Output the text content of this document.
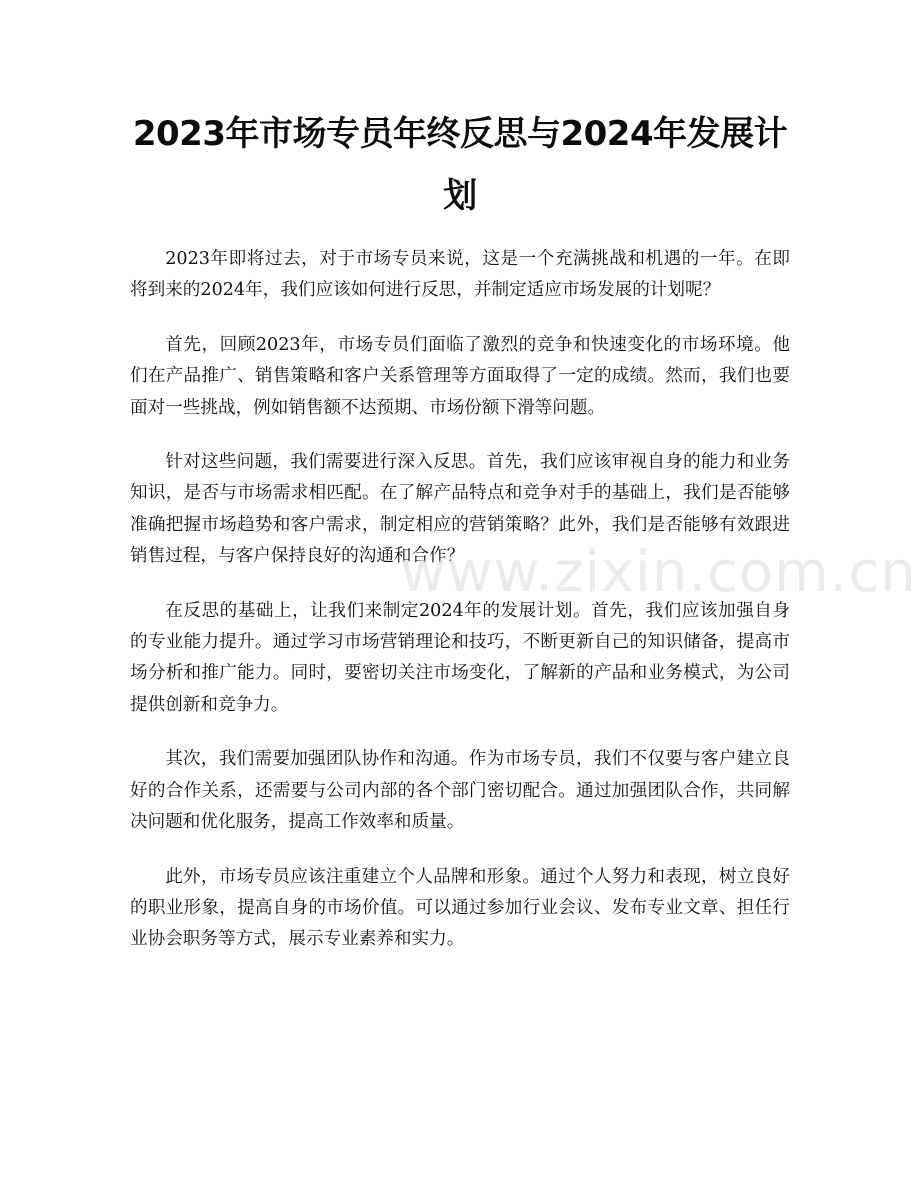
2023年市场专员年终反思与2024年发展计划

2023年即将过去，对于市场专员来说，这是一个充满挑战和机遇的一年。在即将到来的2024年，我们应该如何进行反思，并制定适应市场发展的计划呢？

首先，回顾2023年，市场专员们面临了激烈的竞争和快速变化的市场环境。他们在产品推广、销售策略和客户关系管理等方面取得了一定的成绩。然而，我们也要面对一些挑战，例如销售额不达预期、市场份额下滑等问题。

针对这些问题，我们需要进行深入反思。首先，我们应该审视自身的能力和业务知识，是否与市场需求相匹配。在了解产品特点和竞争对手的基础上，我们是否能够准确把握市场趋势和客户需求，制定相应的营销策略？此外，我们是否能够有效跟进销售过程，与客户保持良好的沟通和合作？

在反思的基础上，让我们来制定2024年的发展计划。首先，我们应该加强自身的专业能力提升。通过学习市场营销理论和技巧，不断更新自己的知识储备，提高市场分析和推广能力。同时，要密切关注市场变化，了解新的产品和业务模式，为公司提供创新和竞争力。

其次，我们需要加强团队协作和沟通。作为市场专员，我们不仅要与客户建立良好的合作关系，还需要与公司内部的各个部门密切配合。通过加强团队合作，共同解决问题和优化服务，提高工作效率和质量。

此外，市场专员应该注重建立个人品牌和形象。通过个人努力和表现，树立良好的职业形象，提高自身的市场价值。可以通过参加行业会议、发布专业文章、担任行业协会职务等方式，展示专业素养和实力。

www.zixin.com.cn
